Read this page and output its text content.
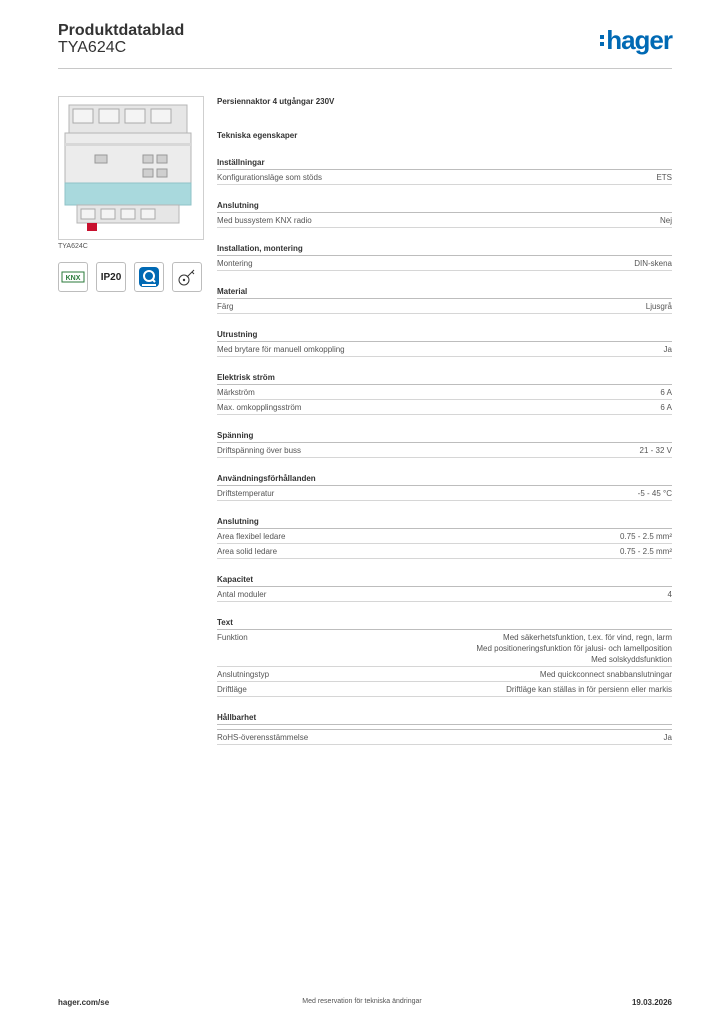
Produktdatablad
TYA624C	hager
TYA624C
KNX IP20
Persiennaktor 4 utgångar 230V
Tekniska egenskaper
Inställningar
Konfigurationsläge som stöds	ETS
Anslutning
Med bussystem KNX radio	Nej
Installation, montering
Montering	DIN-skena
Material
Färg	Ljusgrå
Utrustning
Med brytare för manuell omkoppling	Ja
Elektrisk ström
Märkström	6 A
Max. omkopplingsström	6 A
Spänning
Driftspänning över buss	21 - 32 V
Användningsförhållanden
Driftstemperatur	-5 - 45 °C
Anslutning
Area flexibel ledare	0.75 - 2.5 mm²
Area solid ledare	0.75 - 2.5 mm²
Kapacitet
Antal moduler	4
Text
Funktion	Med säkerhetsfunktion, t.ex. för vind, regn, larm
Med positioneringsfunktion för jalusi- och lamellposition
Med solskyddsfunktion
Anslutningstyp	Med quickconnect snabbanslutningar
Driftläge	Driftläge kan ställas in för persienn eller markis
Hållbarhet
RoHS-överensstämmelse	Ja
hager.com/se	Med reservation för tekniska ändringar	19.03.2026
